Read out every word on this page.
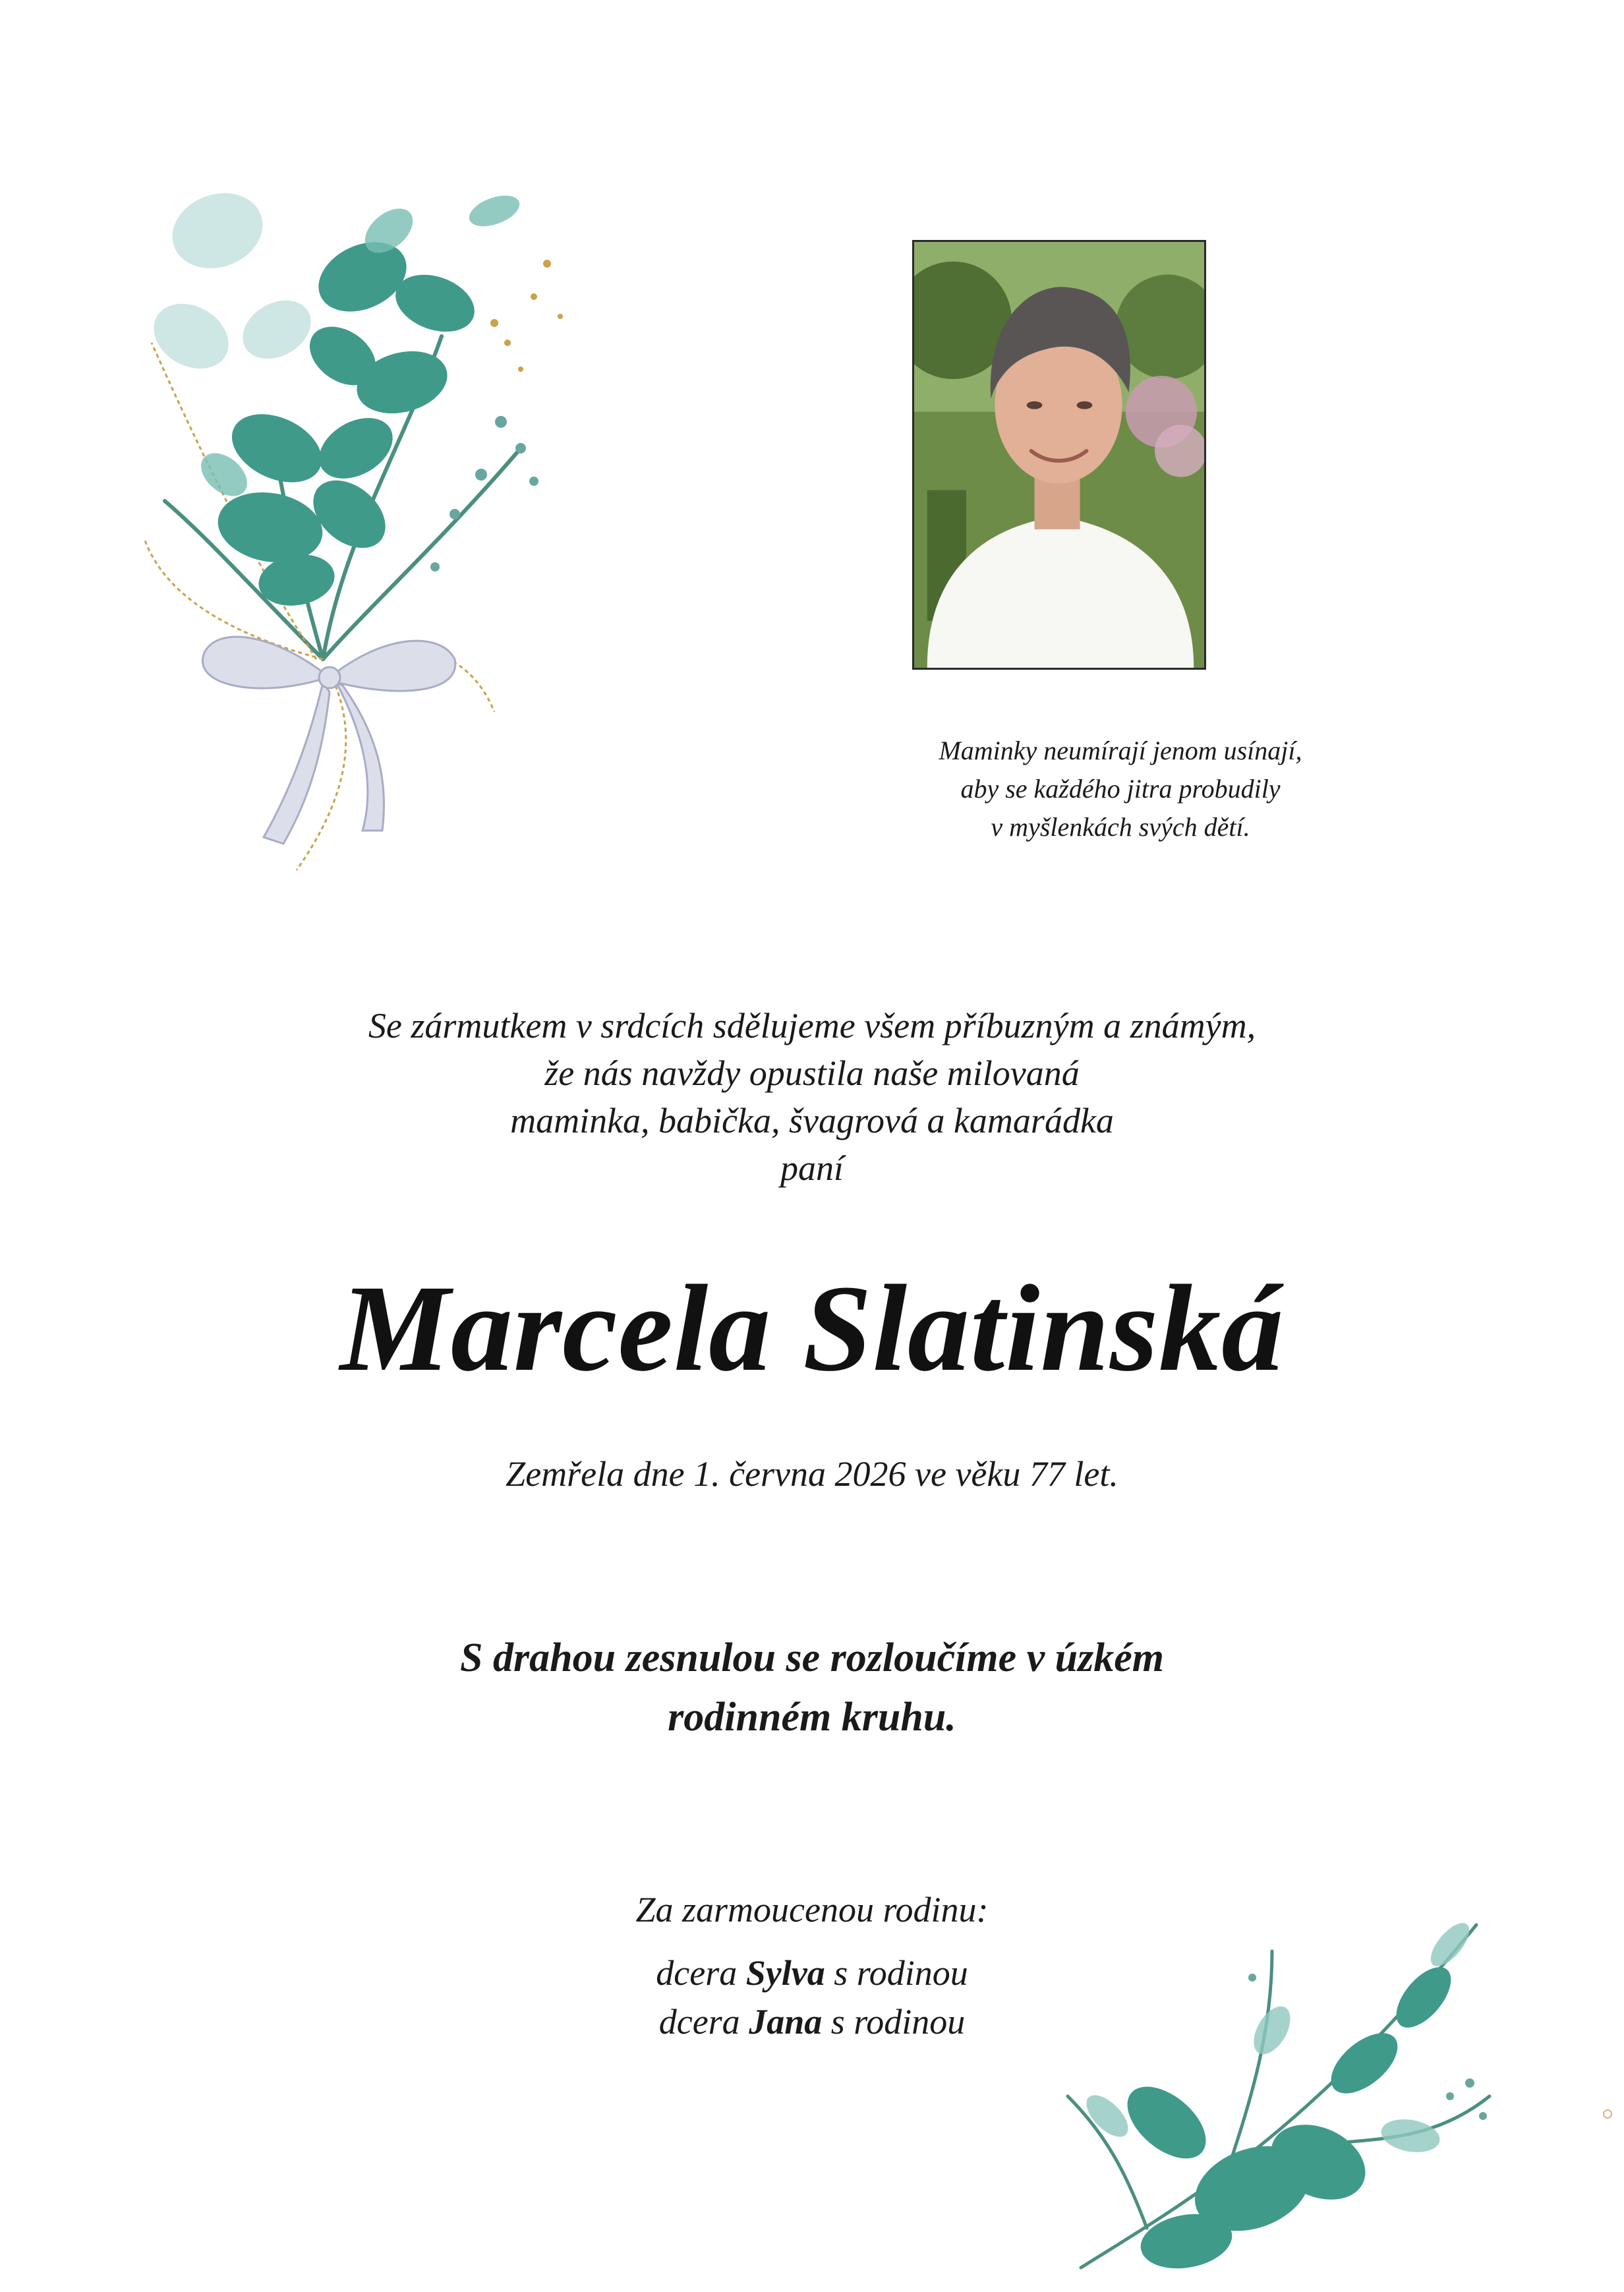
Maminky neumírají jenom usínají,
aby se každého jitra probudily
v myšlenkách svých dětí.
Se zármutkem v srdcích sdělujeme všem příbuzným a známým,
že nás navždy opustila naše milovaná
maminka, babička, švagrová a kamarádka
paní
Marcela Slatinská
Zemřela dne 1. června 2026 ve věku 77 let.
S drahou zesnulou se rozloučíme v úzkém
rodinném kruhu.
Za zarmoucenou rodinu:
dcera Sylva s rodinou
dcera Jana s rodinou
